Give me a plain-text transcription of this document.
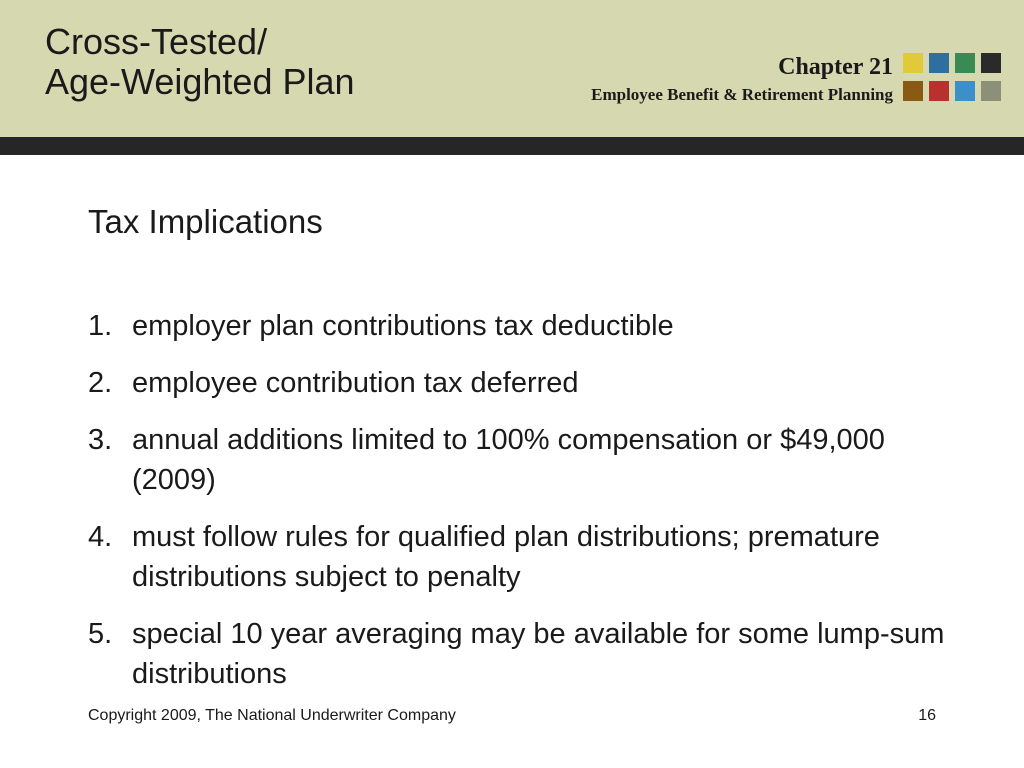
Cross-Tested/
Age-Weighted Plan	Chapter 21
Employee Benefit & Retirement Planning
Tax Implications
1. employer plan contributions tax deductible
2. employee contribution tax deferred
3. annual additions limited to 100% compensation or $49,000 (2009)
4. must follow rules for qualified plan distributions; premature distributions subject to penalty
5. special 10 year averaging may be available for some lump-sum distributions
Copyright 2009, The National Underwriter Company	16
